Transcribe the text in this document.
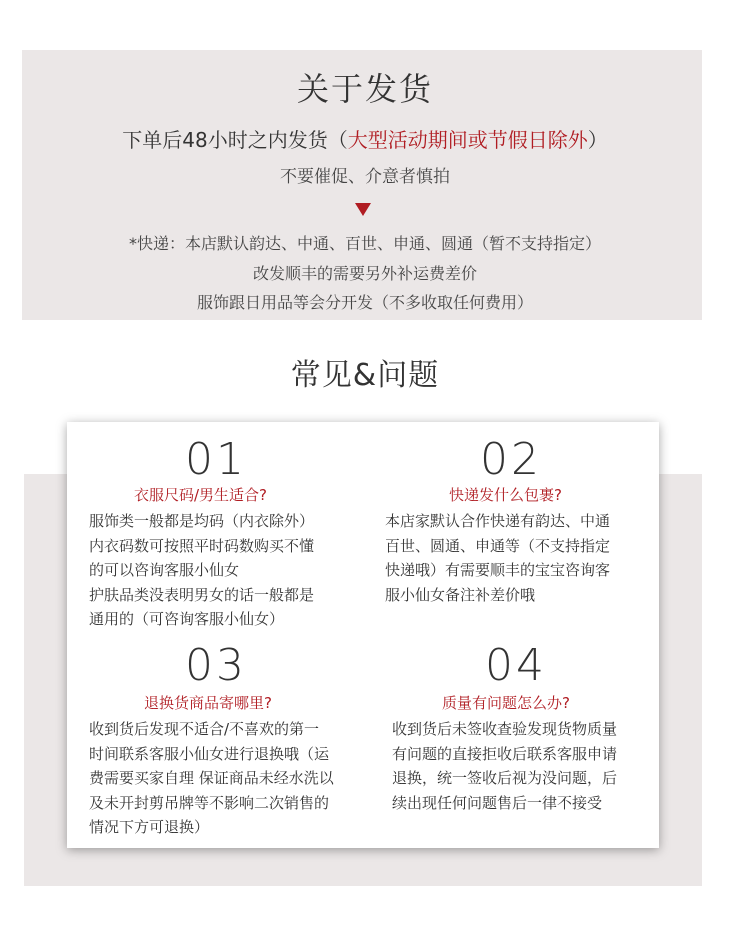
关于发货
下单后48小时之内发货（大型活动期间或节假日除外）
不要催促、介意者慎拍
*快递：本店默认韵达、中通、百世、申通、圆通（暂不支持指定）
改发顺丰的需要另外补运费差价
服饰跟日用品等会分开发（不多收取任何费用）
常见&问题
01
衣服尺码/男生适合?
服饰类一般都是均码（内衣除外）
内衣码数可按照平时码数购买不懂
的可以咨询客服小仙女
护肤品类没表明男女的话一般都是
通用的（可咨询客服小仙女）
02
快递发什么包裹?
本店家默认合作快递有韵达、中通
百世、圆通、申通等（不支持指定
快递哦）有需要顺丰的宝宝咨询客
服小仙女备注补差价哦
03
退换货商品寄哪里?
收到货后发现不适合/不喜欢的第一
时间联系客服小仙女进行退换哦（运
费需要买家自理 保证商品未经水洗以
及未开封剪吊牌等不影响二次销售的
情况下方可退换）
04
质量有问题怎么办?
收到货后未签收查验发现货物质量
有问题的直接拒收后联系客服申请
退换，统一签收后视为没问题，后
续出现任何问题售后一律不接受
